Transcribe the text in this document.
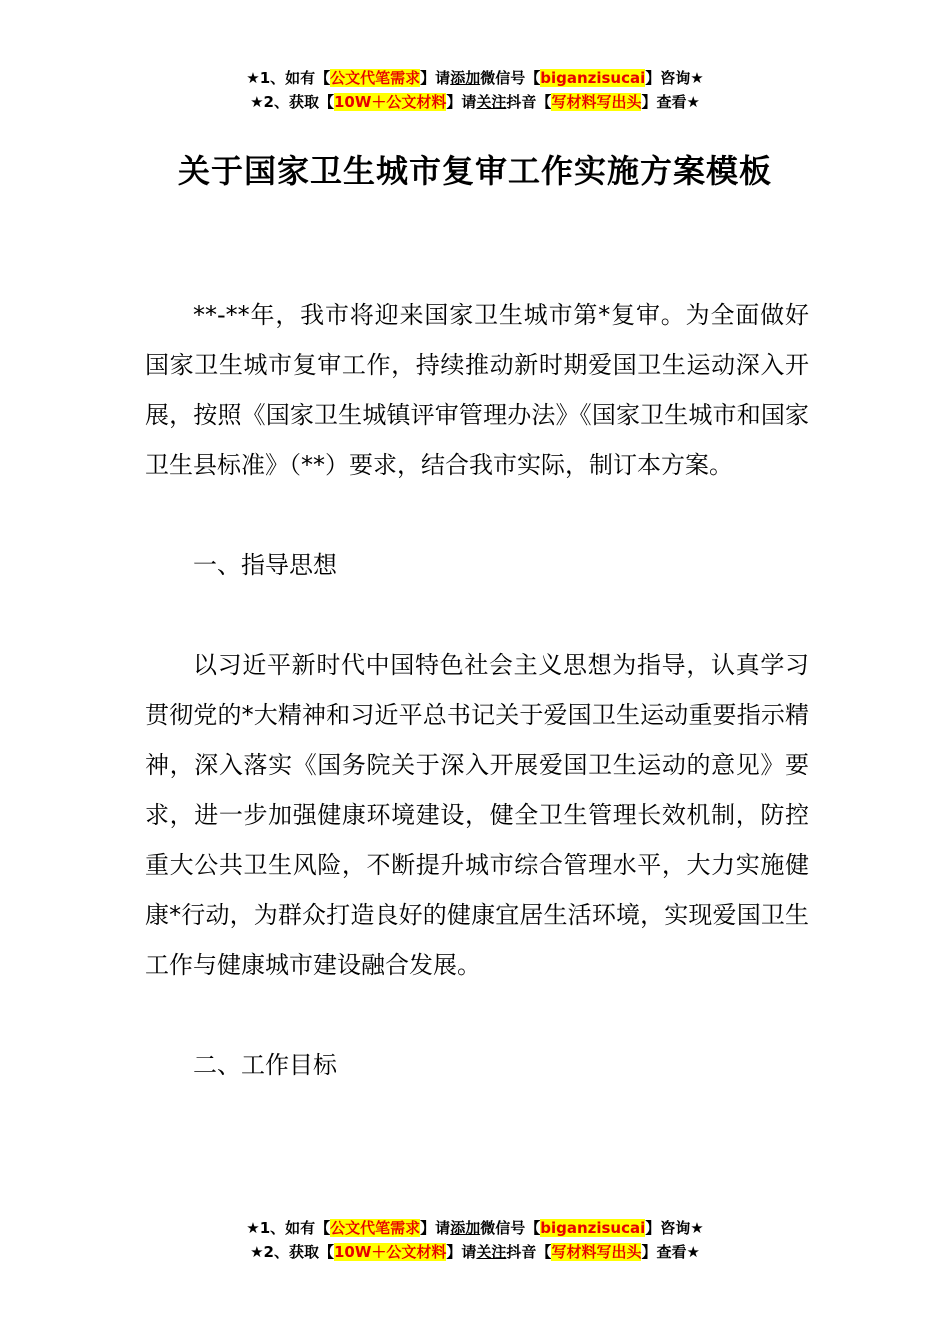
★1、如有【公文代笔需求】请添加微信号【biganzisucai】咨询★
★2、获取【10W＋公文材料】请关注抖音【写材料写出头】查看★
关于国家卫生城市复审工作实施方案模板

**-**年，我市将迎来国家卫生城市第*复审。为全面做好国家卫生城市复审工作，持续推动新时期爱国卫生运动深入开展，按照《国家卫生城镇评审管理办法》《国家卫生城市和国家卫生县标准》（**）要求，结合我市实际，制订本方案。

一、指导思想

以习近平新时代中国特色社会主义思想为指导，认真学习贯彻党的*大精神和习近平总书记关于爱国卫生运动重要指示精神，深入落实《国务院关于深入开展爱国卫生运动的意见》要求，进一步加强健康环境建设，健全卫生管理长效机制，防控重大公共卫生风险，不断提升城市综合管理水平，大力实施健康*行动，为群众打造良好的健康宜居生活环境，实现爱国卫生工作与健康城市建设融合发展。

二、工作目标

★1、如有【公文代笔需求】请添加微信号【biganzisucai】咨询★
★2、获取【10W＋公文材料】请关注抖音【写材料写出头】查看★
